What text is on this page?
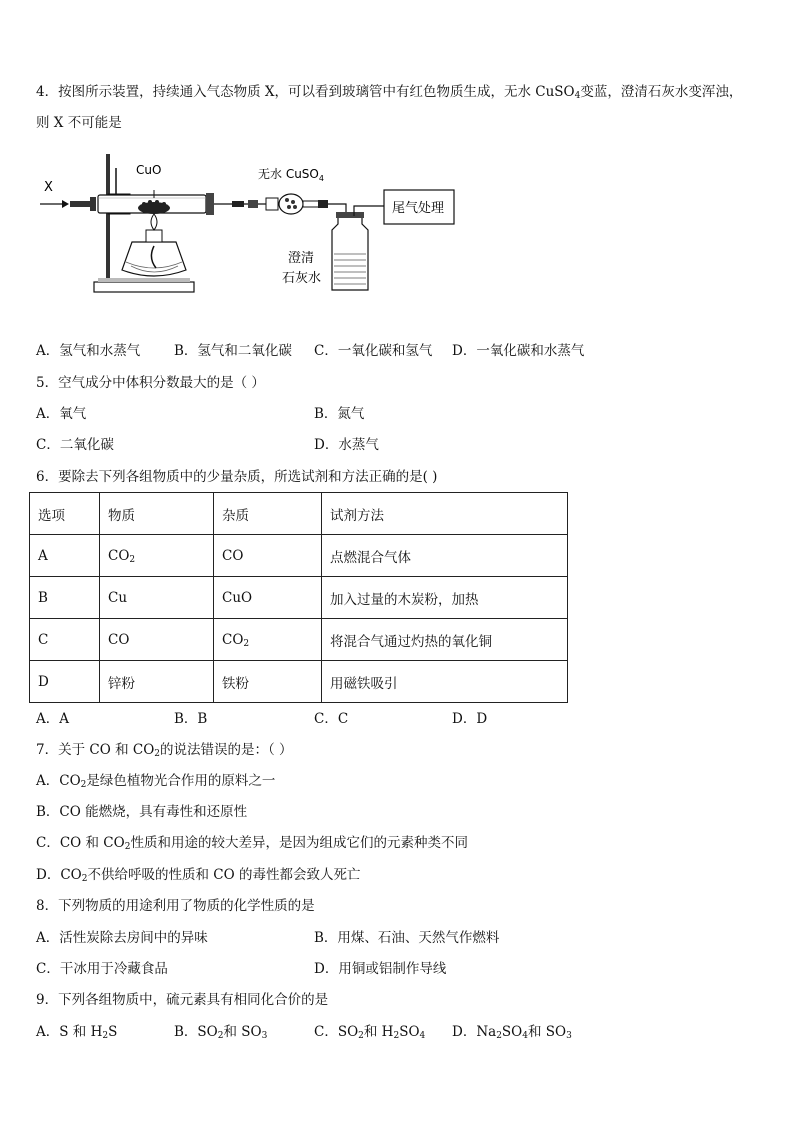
4．按图所示装置，持续通入气态物质 X，可以看到玻璃管中有红色物质生成，无水 CuSO$_4$变蓝，澄清石灰水变浑浊，
则 X 不可能是
X
CuO	无水 CuSO$_4$
尾气处理
澄清
石灰水
A．氢气和水蒸气	B．氢气和二氧化碳 C．一氧化碳和氢气 D．一氧化碳和水蒸气
5．空气成分中体积分数最大的是（ ）
A．氧气	B．氮气
C．二氧化碳	D．水蒸气
6．要除去下列各组物质中的少量杂质，所选试剂和方法正确的是( )
选项	物质	杂质	试剂方法
A	$CO_2$	CO	点燃混合气体
B	Cu	CuO	加入过量的木炭粉，加热
C	CO	$CO_2$	将混合气通过灼热的氧化铜
D	锌粉	铁粉	用磁铁吸引
A．A	B．B	C．C	D．D
7．关于 CO 和 $CO_2$的说法错误的是：（ ）
A．$CO_2$是绿色植物光合作用的原料之一
B．CO 能燃烧，具有毒性和还原性
C．CO 和 $CO_2$性质和用途的较大差异，是因为组成它们的元素种类不同
D．$CO_2$不供给呼吸的性质和 CO 的毒性都会致人死亡
8．下列物质的用途利用了物质的化学性质的是
A．活性炭除去房间中的异味	B．用煤、石油、天然气作燃料
C．干冰用于冷藏食品	D．用铜或铝制作导线
9．下列各组物质中，硫元素具有相同化合价的是
A．S 和 $H_2S$	B．$SO_2$和 $SO_3$	C．$SO_2$和 $H_2SO_4$ D．$Na_2SO_4$和 $SO_3$
